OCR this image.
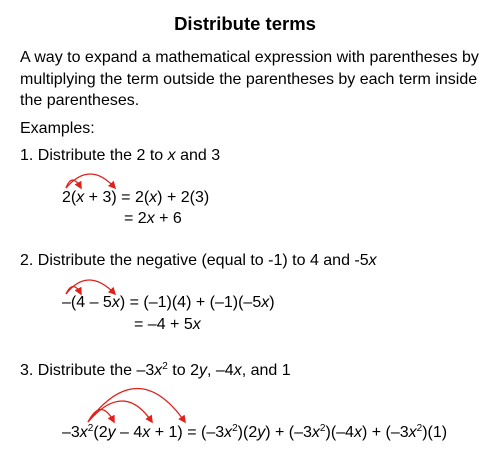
Distribute terms
A way to expand a mathematical expression with parentheses by multiplying the term outside the parentheses by each term inside the parentheses.
Examples:
1. Distribute the 2 to x and 3
2(x + 3) = 2(x) + 2(3)
= 2x + 6
2. Distribute the negative (equal to -1) to 4 and -5x
–(4 – 5x) = (–1)(4) + (–1)(–5x)
= –4 + 5x
3. Distribute the $-3x^2$ to 2y, –4x, and 1
$-3x^2(2y - 4x + 1) = (-3x^2)(2y) + (-3x^2)(-4x) + (-3x^2)(1)$
